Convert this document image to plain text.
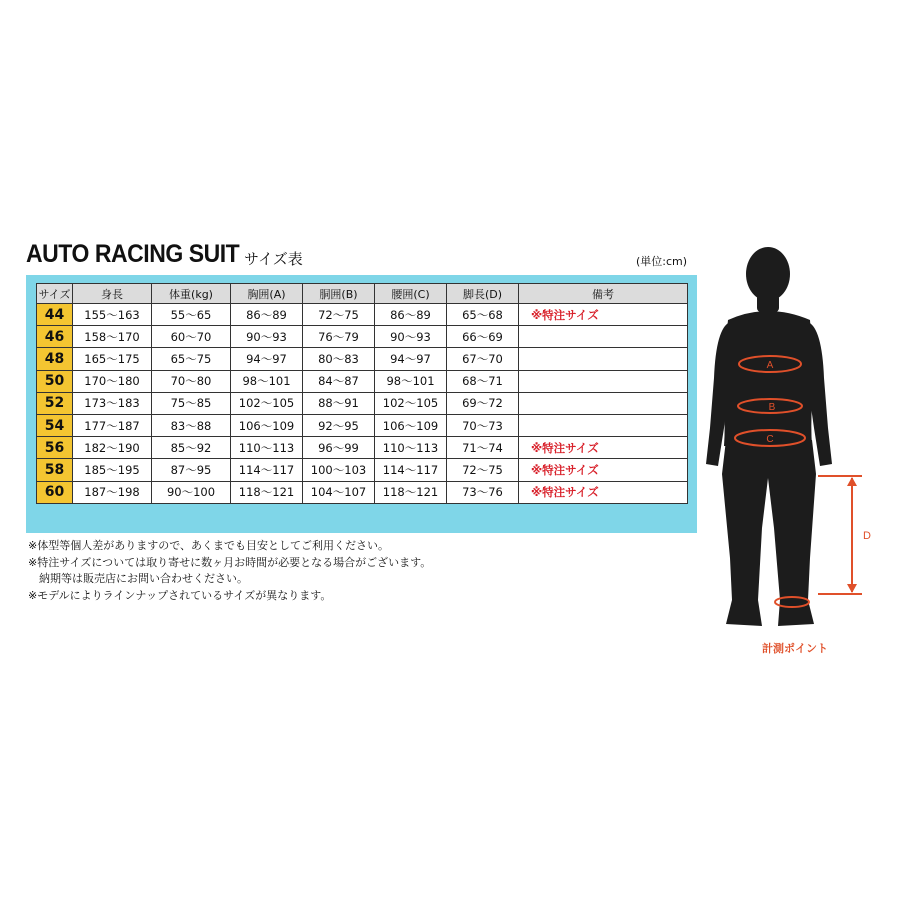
AUTO RACING SUIT サイズ表	(単位:cm)
サイズ	身長	体重(kg)	胸囲(A)	胴囲(B)	腰囲(C)	脚長(D)	備考
44	155～163	55～65	86～89	72～75	86～89	65～68	※特注サイズ
46	158～170	60～70	90～93	76～79	90～93	66～69	
48	165～175	65～75	94～97	80～83	94～97	67～70	
50	170～180	70～80	98～101	84～87	98～101	68～71	
52	173～183	75～85	102～105	88～91	102～105	69～72	
54	177～187	83～88	106～109	92～95	106～109	70～73	
56	182～190	85～92	110～113	96～99	110～113	71～74	※特注サイズ
58	185～195	87～95	114～117	100～103	114～117	72～75	※特注サイズ
60	187～198	90～100	118～121	104～107	118～121	73～76	※特注サイズ
※体型等個人差がありますので、あくまでも目安としてご利用ください。
※特注サイズについては取り寄せに数ヶ月お時間が必要となる場合がございます。
　納期等は販売店にお問い合わせください。
※モデルによりラインナップされているサイズが異なります。
A
B
C
D
計測ポイント
